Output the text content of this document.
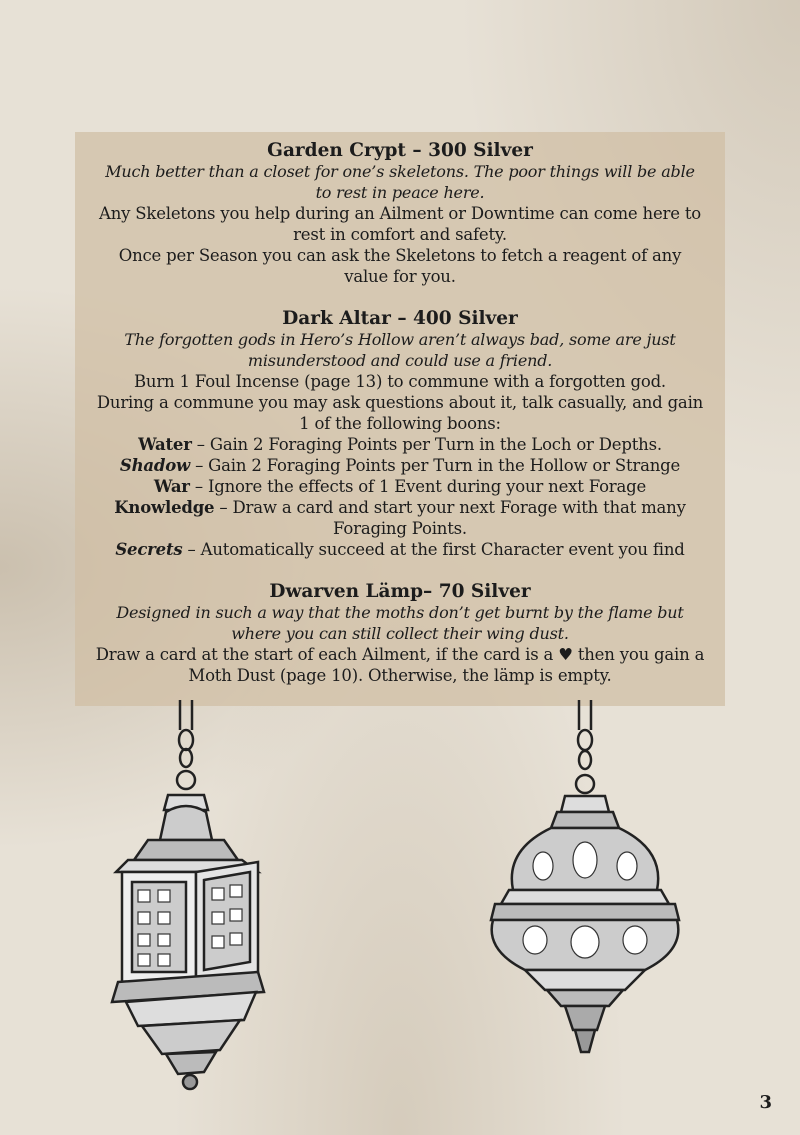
Garden Crypt – 300 Silver
Much better than a closet for one’s skeletons. The poor things will be able to rest in peace here.
Any Skeletons you help during an Ailment or Downtime can come here to rest in comfort and safety.
Once per Season you can ask the Skeletons to fetch a reagent of any value for you.
Dark Altar – 400 Silver
The forgotten gods in Hero’s Hollow aren’t always bad, some are just misunderstood and could use a friend.
Burn 1 Foul Incense (page 13) to commune with a forgotten god.
During a commune you may ask questions about it, talk casually, and gain 1 of the following boons:
Water – Gain 2 Foraging Points per Turn in the Loch or Depths.
Shadow – Gain 2 Foraging Points per Turn in the Hollow or Strange
War – Ignore the effects of 1 Event during your next Forage
Knowledge – Draw a card and start your next Forage with that many Foraging Points.
Secrets – Automatically succeed at the first Character event you find
Dwarven Lämp– 70 Silver
Designed in such a way that the moths don’t get burnt by the flame but where you can still collect their wing dust.
Draw a card at the start of each Ailment, if the card is a ♥ then you gain a Moth Dust (page 10). Otherwise, the lämp is empty.
3
